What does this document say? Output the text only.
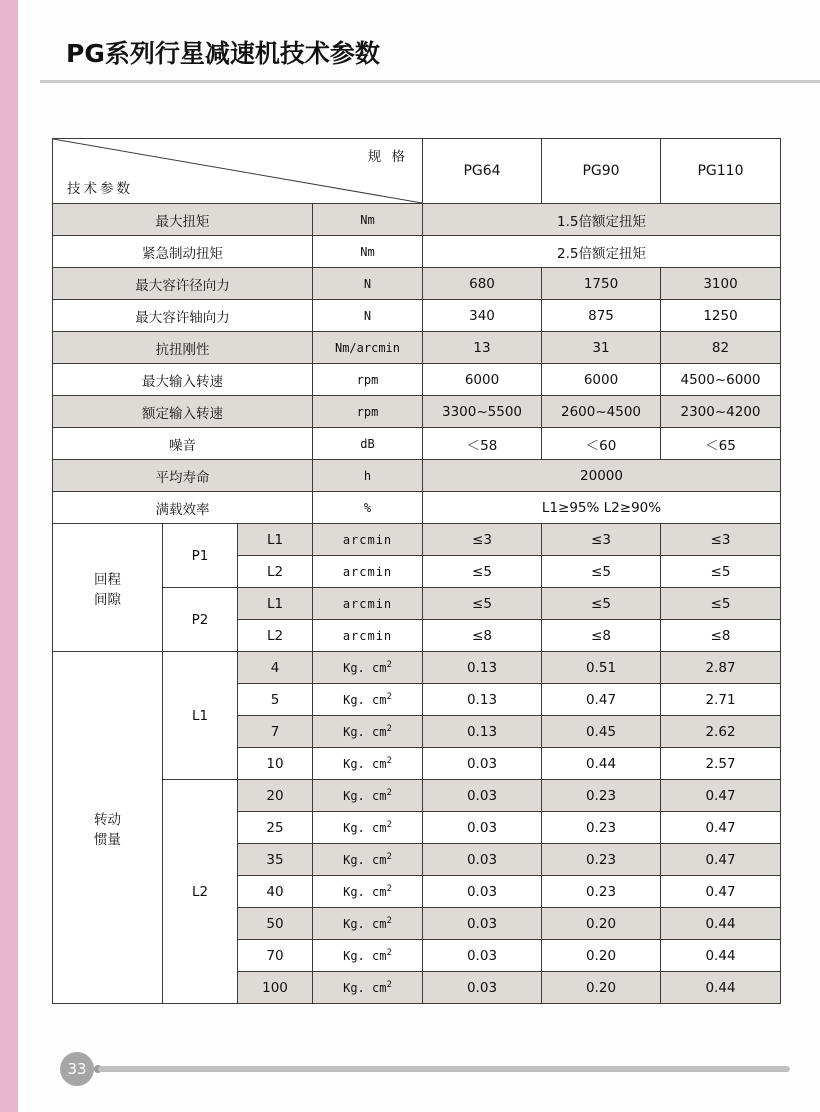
PG系列行星减速机技术参数
规 格
技术参数				PG64	PG90	PG110
最大扭矩			Nm	1.5倍额定扭矩		
紧急制动扭矩			Nm	2.5倍额定扭矩		
最大容许径向力			N	680	1750	3100
最大容许轴向力			N	340	875	1250
抗扭刚性			Nm/arcmin	13	31	82
最大输入转速			rpm	6000	6000	4500~6000
额定输入转速			rpm	3300~5500	2600~4500	2300~4200
噪音			dB	＜58	＜60	＜65
平均寿命			h	20000		
满载效率			%	L1≥95% L2≥90%		
回程
间隙	P1	L1	arcmin	≤3	≤3	≤3
		L2	arcmin	≤5	≤5	≤5
	P2	L1	arcmin	≤5	≤5	≤5
		L2	arcmin	≤8	≤8	≤8
转动
惯量	L1	4	Kg. $cm^2$	0.13	0.51	2.87
		5	Kg. $cm^2$	0.13	0.47	2.71
		7	Kg. $cm^2$	0.13	0.45	2.62
		10	Kg. $cm^2$	0.03	0.44	2.57
	L2	20	Kg. $cm^2$	0.03	0.23	0.47
		25	Kg. $cm^2$	0.03	0.23	0.47
		35	Kg. $cm^2$	0.03	0.23	0.47
		40	Kg. $cm^2$	0.03	0.23	0.47
		50	Kg. $cm^2$	0.03	0.20	0.44
		70	Kg. $cm^2$	0.03	0.20	0.44
		100	Kg. $cm^2$	0.03	0.20	0.44
33
